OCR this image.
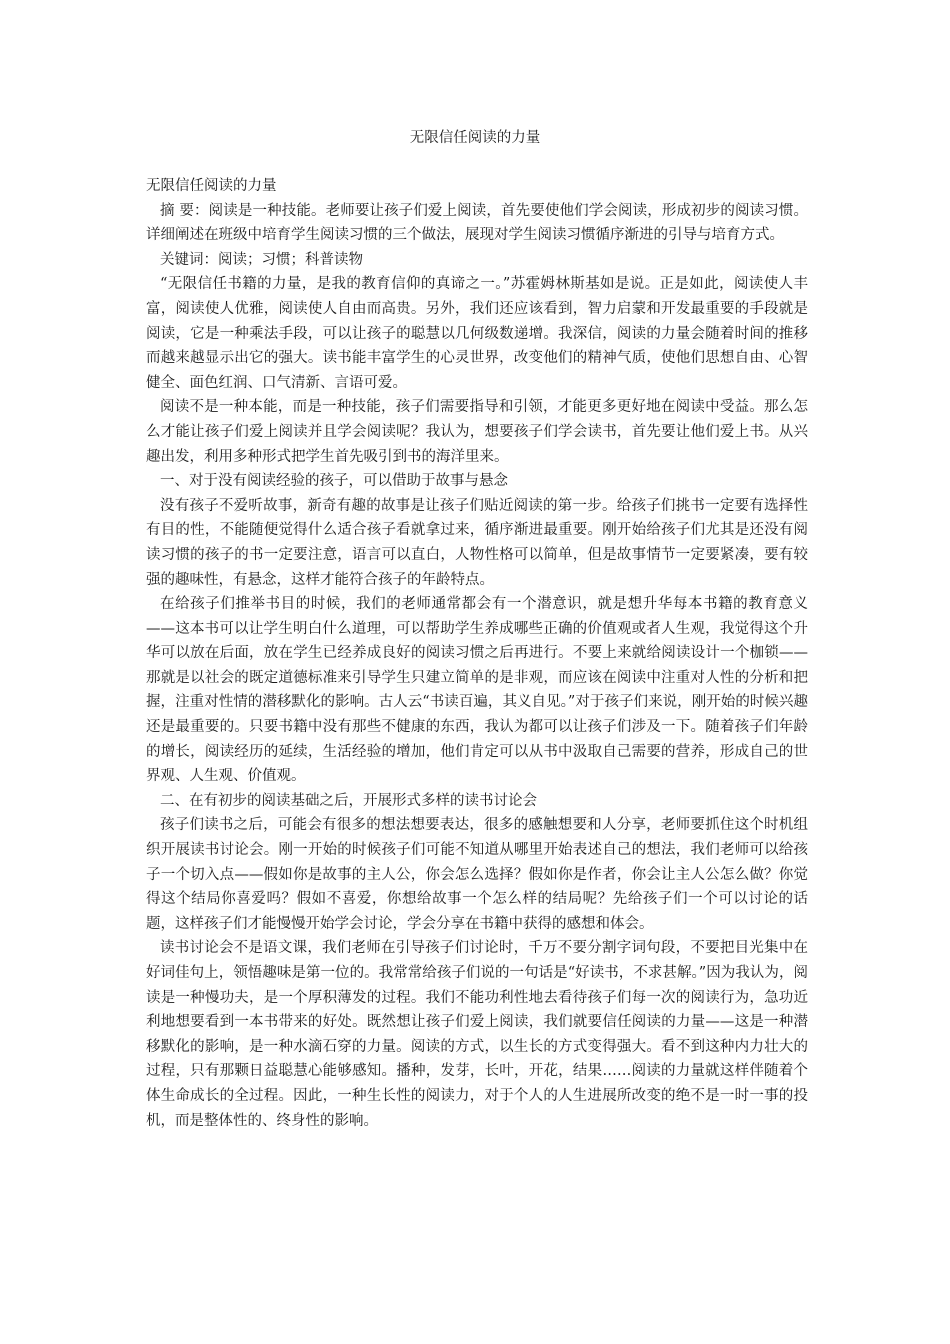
无限信任阅读的力量

无限信任阅读的力量

摘 要：阅读是一种技能。老师要让孩子们爱上阅读，首先要使他们学会阅读，形成初步的阅读习惯。详细阐述在班级中培育学生阅读习惯的三个做法，展现对学生阅读习惯循序渐进的引导与培育方式。

关键词：阅读；习惯；科普读物

“无限信任书籍的力量，是我的教育信仰的真谛之一。”苏霍姆林斯基如是说。正是如此，阅读使人丰富，阅读使人优雅，阅读使人自由而高贵。另外，我们还应该看到，智力启蒙和开发最重要的手段就是阅读，它是一种乘法手段，可以让孩子的聪慧以几何级数递增。我深信，阅读的力量会随着时间的推移而越来越显示出它的强大。读书能丰富学生的心灵世界，改变他们的精神气质，使他们思想自由、心智健全、面色红润、口气清新、言语可爱。

阅读不是一种本能，而是一种技能，孩子们需要指导和引领，才能更多更好地在阅读中受益。那么怎么才能让孩子们爱上阅读并且学会阅读呢？我认为，想要孩子们学会读书，首先要让他们爱上书。从兴趣出发，利用多种形式把学生首先吸引到书的海洋里来。

一、对于没有阅读经验的孩子，可以借助于故事与悬念

没有孩子不爱听故事，新奇有趣的故事是让孩子们贴近阅读的第一步。给孩子们挑书一定要有选择性有目的性，不能随便觉得什么适合孩子看就拿过来，循序渐进最重要。刚开始给孩子们尤其是还没有阅读习惯的孩子的书一定要注意，语言可以直白，人物性格可以简单，但是故事情节一定要紧凑，要有较强的趣味性，有悬念，这样才能符合孩子的年龄特点。

在给孩子们推举书目的时候，我们的老师通常都会有一个潜意识，就是想升华每本书籍的教育意义——这本书可以让学生明白什么道理，可以帮助学生养成哪些正确的价值观或者人生观，我觉得这个升华可以放在后面，放在学生已经养成良好的阅读习惯之后再进行。不要上来就给阅读设计一个枷锁——那就是以社会的既定道德标准来引导学生只建立简单的是非观，而应该在阅读中注重对人性的分析和把握，注重对性情的潜移默化的影响。古人云“书读百遍，其义自见。”对于孩子们来说，刚开始的时候兴趣还是最重要的。只要书籍中没有那些不健康的东西，我认为都可以让孩子们涉及一下。随着孩子们年龄的增长，阅读经历的延续，生活经验的增加，他们肯定可以从书中汲取自己需要的营养，形成自己的世界观、人生观、价值观。

二、在有初步的阅读基础之后，开展形式多样的读书讨论会

孩子们读书之后，可能会有很多的想法想要表达，很多的感触想要和人分享，老师要抓住这个时机组织开展读书讨论会。刚一开始的时候孩子们可能不知道从哪里开始表述自己的想法，我们老师可以给孩子一个切入点——假如你是故事的主人公，你会怎么选择？假如你是作者，你会让主人公怎么做？你觉得这个结局你喜爱吗？假如不喜爱，你想给故事一个怎么样的结局呢？先给孩子们一个可以讨论的话题，这样孩子们才能慢慢开始学会讨论，学会分享在书籍中获得的感想和体会。

读书讨论会不是语文课，我们老师在引导孩子们讨论时，千万不要分割字词句段，不要把目光集中在好词佳句上，领悟趣味是第一位的。我常常给孩子们说的一句话是“好读书，不求甚解。”因为我认为，阅读是一种慢功夫，是一个厚积薄发的过程。我们不能功利性地去看待孩子们每一次的阅读行为，急功近利地想要看到一本书带来的好处。既然想让孩子们爱上阅读，我们就要信任阅读的力量——这是一种潜移默化的影响，是一种水滴石穿的力量。阅读的方式，以生长的方式变得强大。看不到这种内力壮大的过程，只有那颗日益聪慧心能够感知。播种，发芽，长叶，开花，结果……阅读的力量就这样伴随着个体生命成长的全过程。因此，一种生长性的阅读力，对于个人的人生进展所改变的绝不是一时一事的投机，而是整体性的、终身性的影响。
